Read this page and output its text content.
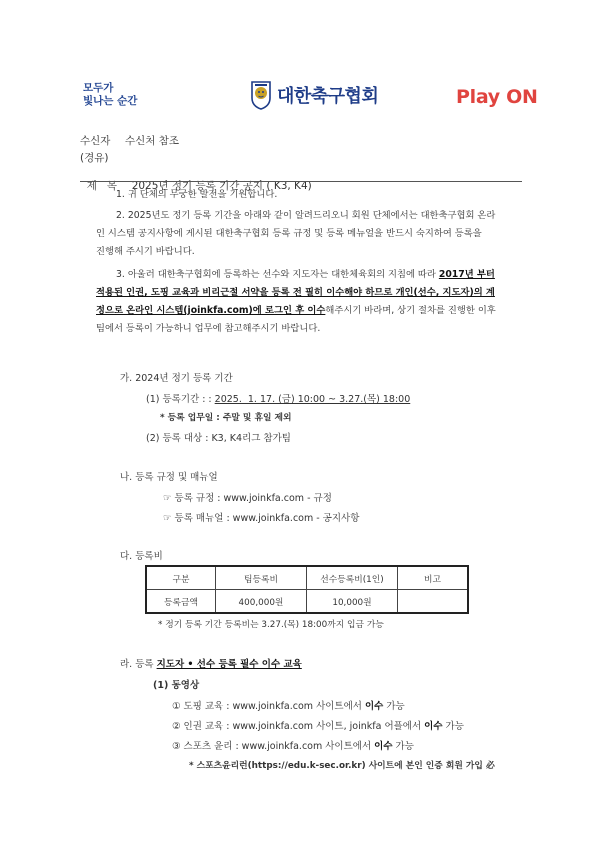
모두가
빛나는 순간	대한축구협회	Play ON
수신자 수신처 참조
(경유)

제   목 2025년 정기 등록 기간 공지 ( K3, K4)

1. 귀 단체의 무궁한 발전을 기원합니다.
2. 2025년도 정기 등록 기간을 아래와 같이 알려드리오니 회원 단체에서는 대한축구협회 온라
인 시스템 공지사항에 게시된 대한축구협회 등록 규정 및 등록 메뉴얼을 반드시 숙지하여 등록을
진행해 주시기 바랍니다.
3. 아울러 대한축구협회에 등록하는 선수와 지도자는 대한체육회의 지침에 따라 2017년 부터
적용된 인권, 도핑 교육과 비리근절 서약을 등록 전 필히 이수해야 하므로 개인(선수, 지도자)의 계
정으로 온라인 시스템(joinkfa.com)에 로그인 후 이수해주시기 바라며, 상기 절차를 진행한 이후
팀에서 등록이 가능하니 업무에 참고해주시기 바랍니다.
가. 2024년 정기 등록 기간
(1) 등록기간 : : 2025.  1. 17. (금) 10:00 ~ 3.27.(목) 18:00
* 등록 업무일 : 주말 및 휴일 제외
(2) 등록 대상 : K3, K4리그 참가팀
나. 등록 규정 및 매뉴얼
☞ 등록 규정 : www.joinkfa.com - 규정
☞ 등록 매뉴얼 : www.joinkfa.com - 공지사항
다. 등록비
구분	팀등록비	선수등록비(1인)	비고
등록금액	400,000원	10,000원	
* 정기 등록 기간 등록비는 3.27.(목) 18:00까지 입금 가능
라. 등록 지도자 • 선수 등록 필수 이수 교육
(1) 동영상
① 도핑 교육 : www.joinkfa.com 사이트에서 이수 가능
② 인권 교육 : www.joinkfa.com 사이트, joinkfa 어플에서 이수 가능
③ 스포츠 윤리 : www.joinkfa.com 사이트에서 이수 가능
* 스포츠윤리런(https://edu.k-sec.or.kr) 사이트에 본인 인증 회원 가입 必
